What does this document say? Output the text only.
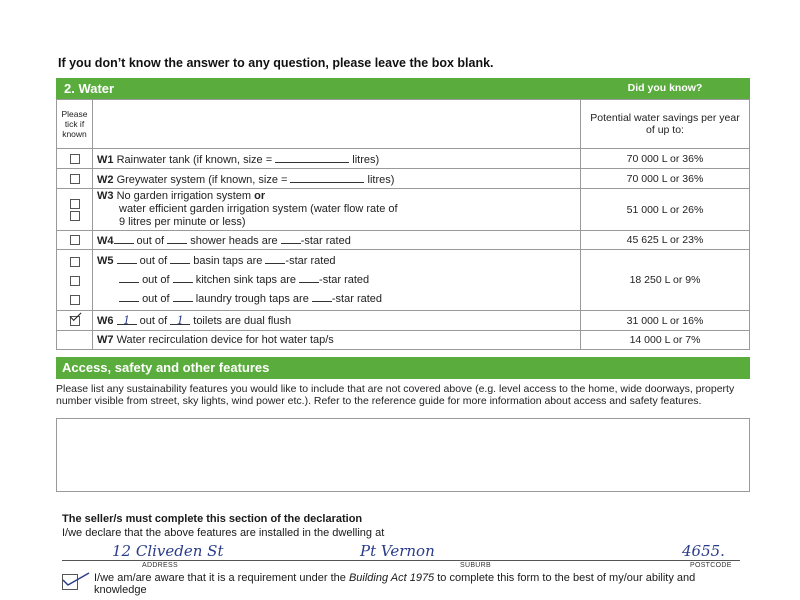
If you don’t know the answer to any question, please leave the box blank.
2. Water	Did you know?
Please tick if known		Potential water savings per year of up to:
	W1 Rainwater tank (if known, size = litres)	70 000 L or 36%
	W2 Greywater system (if known, size = litres)	70 000 L or 36%

	W3 No garden irrigation system or
water efficient garden irrigation system (water flow rate of
9 litres per minute or less)	51 000 L or 26%
	W4 out of  shower heads are -star rated	45 625 L or 23%

	W5 out of  basin taps are -star rated
out of  kitchen sink taps are -star rated
out of  laundry trough taps are -star rated	18 250 L or 9%
	W6 1 out of 1 toilets are dual flush	31 000 L or 16%
	W7 Water recirculation device for hot water tap/s	14 000 L or 7%
Access, safety and other features
Please list any sustainability features you would like to include that are not covered above (e.g. level access to the home, wide doorways, property number visible from street, sky lights, wind power etc.). Refer to the reference guide for more information about access and safety features.
The seller/s must complete this section of the declaration
I/we declare that the above features are installed in the dwelling at
12 Cliveden St	Pt Vernon	4655.
ADDRESS	SUBURB	POSTCODE
I/we am/are aware that it is a requirement under the Building Act 1975 to complete this form to the best of my/our ability and knowledge
